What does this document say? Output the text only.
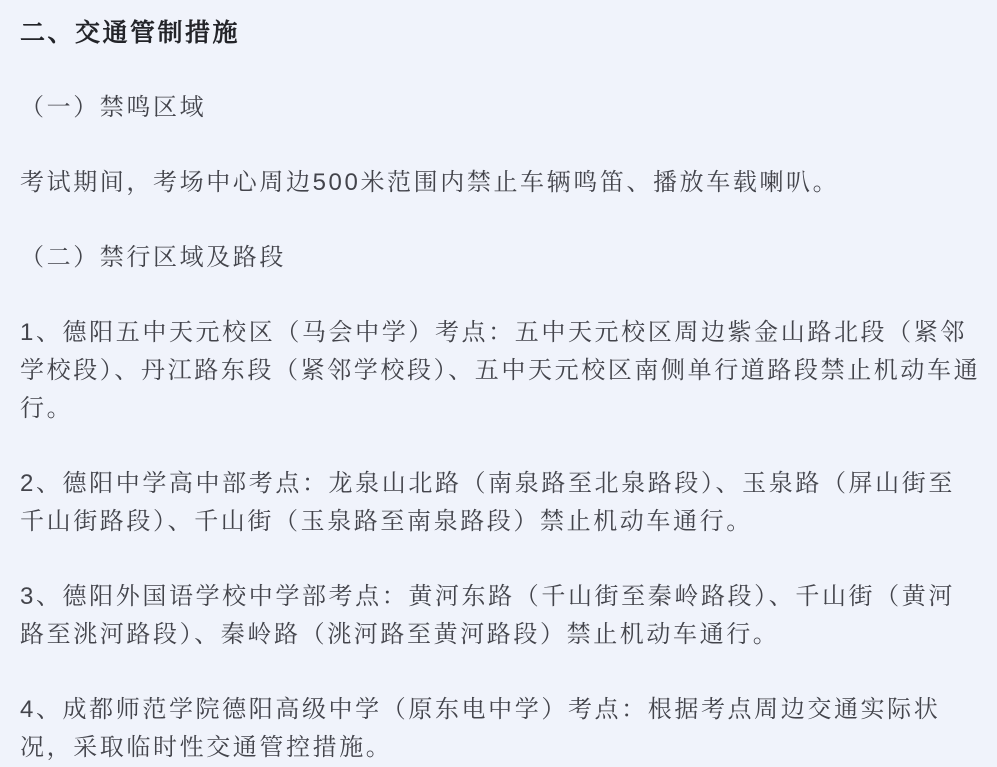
二、交通管制措施

（一）禁鸣区域

考试期间，考场中心周边500米范围内禁止车辆鸣笛、播放车载喇叭。

（二）禁行区域及路段

1、德阳五中天元校区（马会中学）考点：五中天元校区周边紫金山路北段（紧邻学校段）、丹江路东段（紧邻学校段）、五中天元校区南侧单行道路段禁止机动车通行。

2、德阳中学高中部考点：龙泉山北路（南泉路至北泉路段）、玉泉路（屏山街至千山街路段）、千山街（玉泉路至南泉路段）禁止机动车通行。

3、德阳外国语学校中学部考点：黄河东路（千山街至秦岭路段）、千山街（黄河路至洮河路段）、秦岭路（洮河路至黄河路段）禁止机动车通行。

4、成都师范学院德阳高级中学（原东电中学）考点：根据考点周边交通实际状况，采取临时性交通管控措施。
